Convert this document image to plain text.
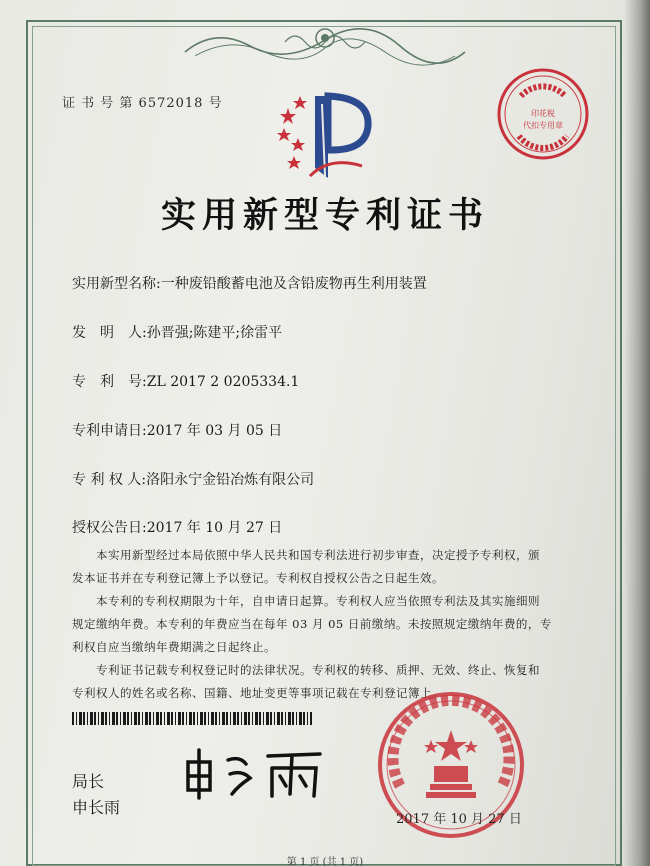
证 书 号 第 6572018 号
印花税
代扣专用章
实用新型专利证书
实用新型名称:一种废铅酸蓄电池及含铅废物再生利用装置
发　明　人:孙晋强;陈建平;徐雷平
专　利　号:ZL 2017 2 0205334.1
专利申请日:2017 年 03 月 05 日
专 利 权 人:洛阳永宁金铅冶炼有限公司
授权公告日:2017 年 10 月 27 日

　　本实用新型经过本局依照中华人民共和国专利法进行初步审查，决定授予专利权，颁

发本证书并在专利登记簿上予以登记。专利权自授权公告之日起生效。

　　本专利的专利权期限为十年，自申请日起算。专利权人应当依照专利法及其实施细则

规定缴纳年费。本专利的年费应当在每年 03 月 05 日前缴纳。未按照规定缴纳年费的，专

利权自应当缴纳年费期满之日起终止。

　　专利证书记载专利权登记时的法律状况。专利权的转移、质押、无效、终止、恢复和

专利权人的姓名或名称、国籍、地址变更等事项记载在专利登记簿上。

局长
申长雨
2017 年 10 月 27 日
第 1 页 (共 1 页)
